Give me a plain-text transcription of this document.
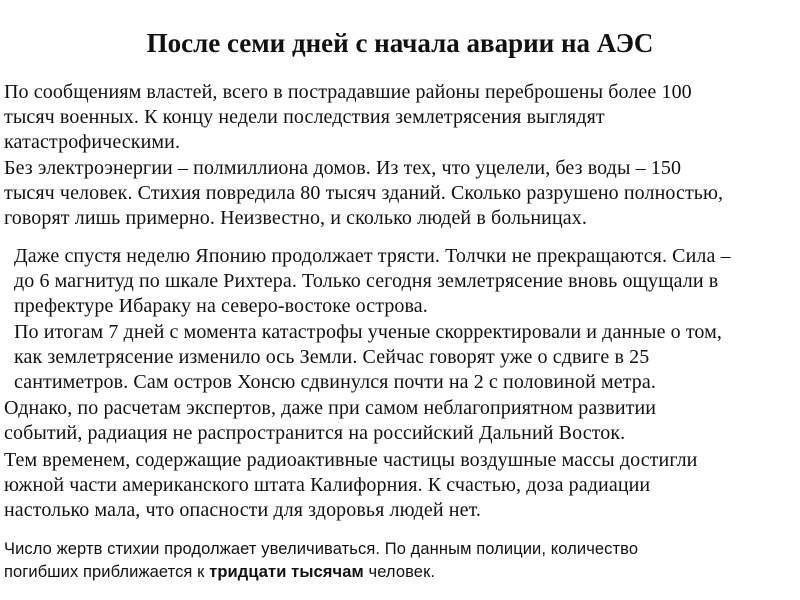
После семи дней с начала аварии на АЭС

По сообщениям властей, всего в пострадавшие районы переброшены более 100
тысяч военных. К концу недели последствия землетрясения выглядят
катастрофическими.

Без электроэнергии – полмиллиона домов. Из тех, что уцелели, без воды – 150
тысяч человек. Стихия повредила 80 тысяч зданий. Сколько разрушено полностью,
говорят лишь примерно. Неизвестно, и сколько людей в больницах.

Даже спустя неделю Японию продолжает трясти. Толчки не прекращаются. Сила –
до 6 магнитуд по шкале Рихтера. Только сегодня землетрясение вновь ощущали в
префектуре Ибараку на северо-востоке острова.

По итогам 7 дней с момента катастрофы ученые скорректировали и данные о том,
как землетрясение изменило ось Земли. Сейчас говорят уже о сдвиге в 25
сантиметров. Сам остров Хонсю сдвинулся почти на 2 с половиной метра.

Однако, по расчетам экспертов, даже при самом неблагоприятном развитии
событий, радиация не распространится на российский Дальний Восток.

Тем временем, содержащие радиоактивные частицы воздушные массы достигли
южной части американского штата Калифорния. К счастью, доза радиации
настолько мала, что опасности для здоровья людей нет.

Число жертв стихии продолжает увеличиваться. По данным полиции, количество
погибших приближается к тридцати тысячам человек.
